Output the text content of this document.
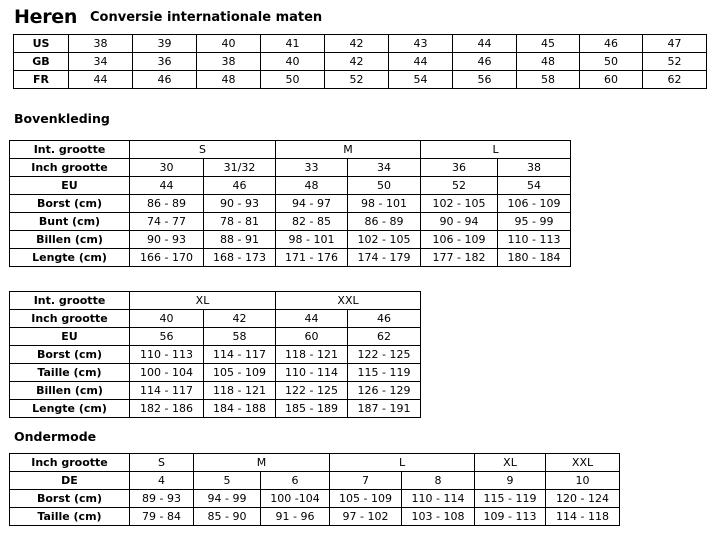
Heren Conversie internationale maten
US	38	39	40	41	42	43	44	45	46	47
GB	34	36	38	40	42	44	46	48	50	52
FR	44	46	48	50	52	54	56	58	60	62
Bovenkleding
Int. grootte	S		M		L	
Inch grootte	30	31/32	33	34	36	38
EU	44	46	48	50	52	54
Borst (cm)	86 - 89	90 - 93	94 - 97	98 - 101	102 - 105	106 - 109
Bunt (cm)	74 - 77	78 - 81	82 - 85	86 - 89	90 - 94	95 - 99
Billen (cm)	90 - 93	88 - 91	98 - 101	102 - 105	106 - 109	110 - 113
Lengte (cm)	166 - 170	168 - 173	171 - 176	174 - 179	177 - 182	180 - 184
Int. grootte	XL		XXL	
Inch grootte	40	42	44	46
EU	56	58	60	62
Borst (cm)	110 - 113	114 - 117	118 - 121	122 - 125
Taille (cm)	100 - 104	105 - 109	110 - 114	115 - 119
Billen (cm)	114 - 117	118 - 121	122 - 125	126 - 129
Lengte (cm)	182 - 186	184 - 188	185 - 189	187 - 191
Ondermode
Inch grootte	S	M		L		XL	XXL
DE	4	5	6	7	8	9	10
Borst (cm)	89 - 93	94 - 99	100 -104	105 - 109	110 - 114	115 - 119	120 - 124
Taille (cm)	79 - 84	85 - 90	91 - 96	97 - 102	103 - 108	109 - 113	114 - 118
